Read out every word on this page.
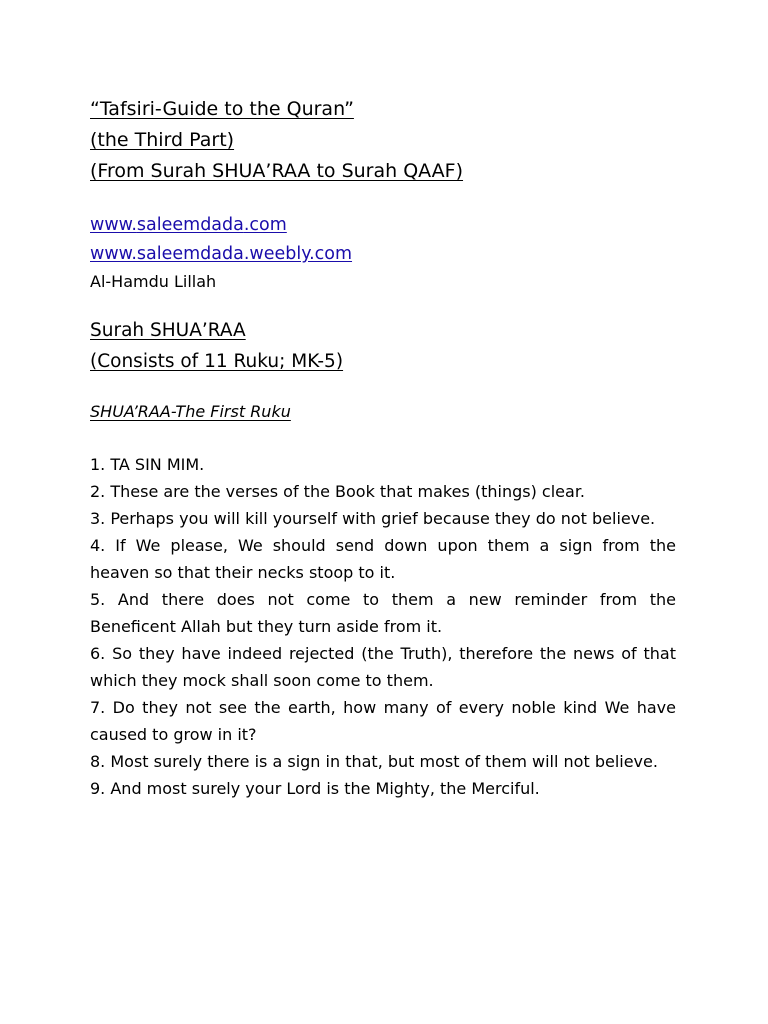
“Tafsiri-Guide to the Quran”
(the Third Part)
(From Surah SHUA’RAA to Surah QAAF)
www.saleemdada.com
www.saleemdada.weebly.com
Al-Hamdu Lillah
Surah SHUA’RAA
(Consists of 11 Ruku; MK-5)
SHUA’RAA-The First Ruku

1. TA SIN MIM.

2. These are the verses of the Book that makes (things) clear.

3. Perhaps you will kill yourself with grief because they do not believe.

4. If We please, We should send down upon them a sign from the heaven so that their necks stoop to it.

5. And there does not come to them a new reminder from the Beneficent Allah but they turn aside from it.

6. So they have indeed rejected (the Truth), therefore the news of that which they mock shall soon come to them.

7. Do they not see the earth, how many of every noble kind We have caused to grow in it?

8. Most surely there is a sign in that, but most of them will not believe.

9. And most surely your Lord is the Mighty, the Merciful.
